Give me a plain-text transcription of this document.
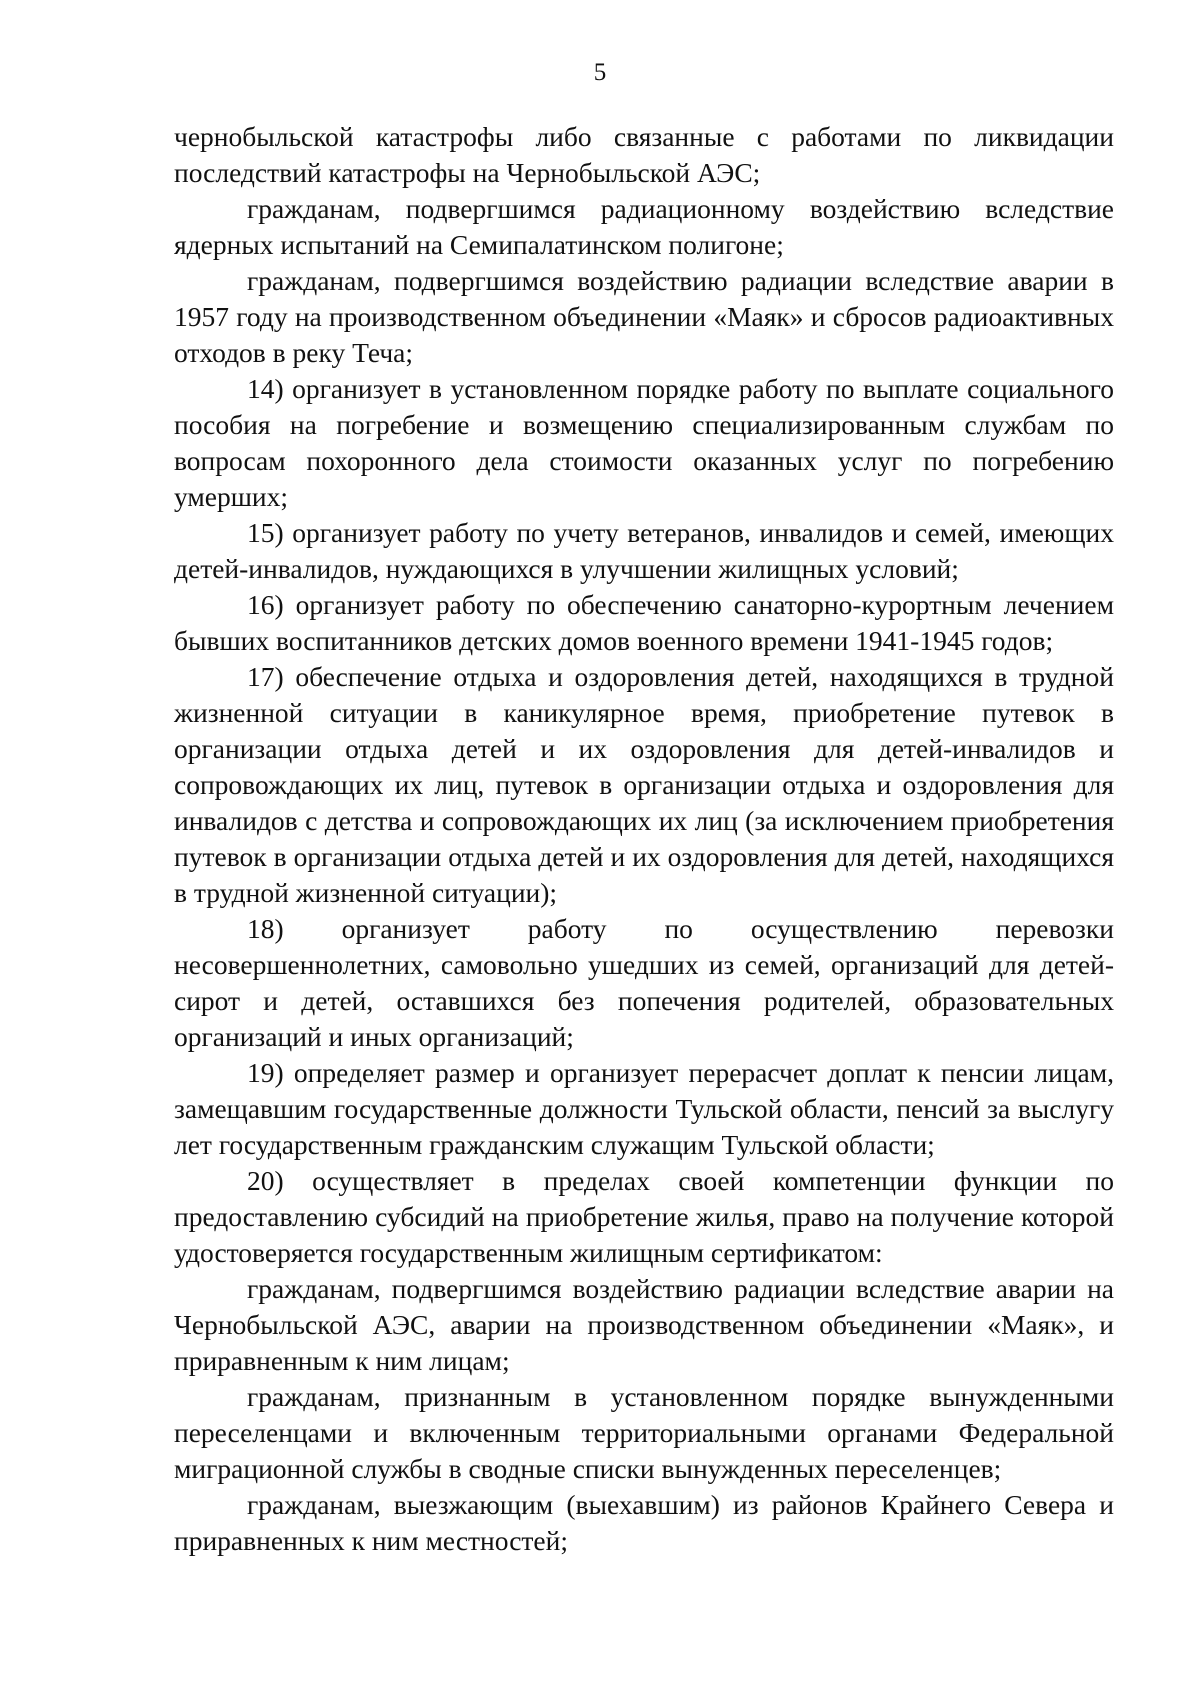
5

чернобыльской катастрофы либо связанные с работами по ликвидации последствий катастрофы на Чернобыльской АЭС;

гражданам, подвергшимся радиационному воздействию вследствие ядерных испытаний на Семипалатинском полигоне;

гражданам, подвергшимся воздействию радиации вследствие аварии в 1957 году на производственном объединении «Маяк» и сбросов радиоактивных отходов в реку Теча;

14) организует в установленном порядке работу по выплате социального пособия на погребение и возмещению специализированным службам по вопросам похоронного дела стоимости оказанных услуг по погребению умерших;

15) организует работу по учету ветеранов, инвалидов и семей, имеющих детей-инвалидов, нуждающихся в улучшении жилищных условий;

16) организует работу по обеспечению санаторно-курортным лечением бывших воспитанников детских домов военного времени 1941-1945 годов;

17) обеспечение отдыха и оздоровления детей, находящихся в трудной жизненной ситуации в каникулярное время, приобретение путевок в организации отдыха детей и их оздоровления для детей-инвалидов и сопровождающих их лиц, путевок в организации отдыха и оздоровления для инвалидов с детства и сопровождающих их лиц (за исключением приобретения путевок в организации отдыха детей и их оздоровления для детей, находящихся в трудной жизненной ситуации);

18) организует работу по осуществлению перевозки несовершеннолетних, самовольно ушедших из семей, организаций для детей-сирот и детей, оставшихся без попечения родителей, образовательных организаций и иных организаций;

19) определяет размер и организует перерасчет доплат к пенсии лицам, замещавшим государственные должности Тульской области, пенсий за выслугу лет государственным гражданским служащим Тульской области;

20) осуществляет в пределах своей компетенции функции по предоставлению субсидий на приобретение жилья, право на получение которой удостоверяется государственным жилищным сертификатом:

гражданам, подвергшимся воздействию радиации вследствие аварии на Чернобыльской АЭС, аварии на производственном объединении «Маяк», и приравненным к ним лицам;

гражданам, признанным в установленном порядке вынужденными переселенцами и включенным территориальными органами Федеральной миграционной службы в сводные списки вынужденных переселенцев;

гражданам, выезжающим (выехавшим) из районов Крайнего Севера и приравненных к ним местностей;
